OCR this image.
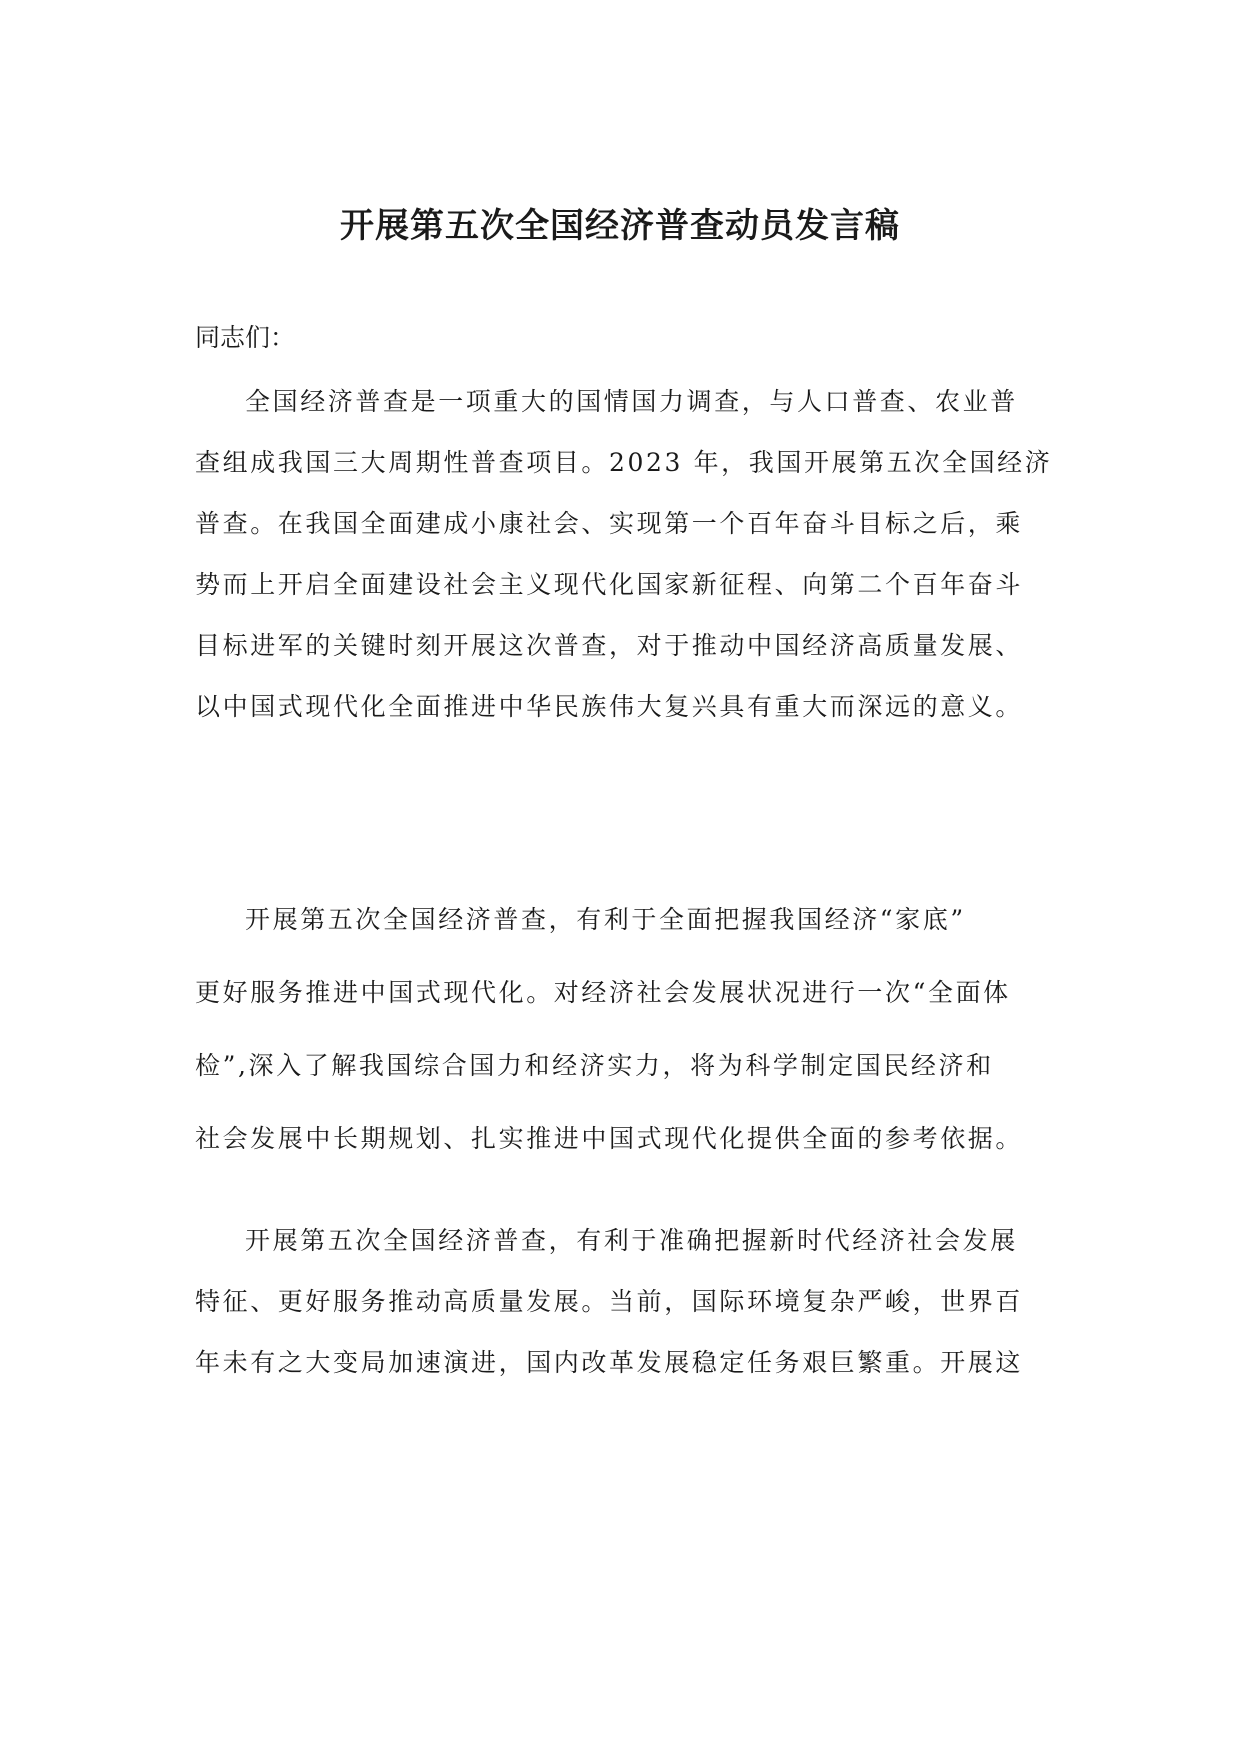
开展第五次全国经济普查动员发言稿

同志们：

全国经济普查是一项重大的国情国力调查，与人口普查、农业普
查组成我国三大周期性普查项目。2023 年，我国开展第五次全国经济
普查。在我国全面建成小康社会、实现第一个百年奋斗目标之后，乘
势而上开启全面建设社会主义现代化国家新征程、向第二个百年奋斗
目标进军的关键时刻开展这次普查，对于推动中国经济高质量发展、
以中国式现代化全面推进中华民族伟大复兴具有重大而深远的意义。
开展第五次全国经济普查，有利于全面把握我国经济“家底”
更好服务推进中国式现代化。对经济社会发展状况进行一次“全面体
检”,深入了解我国综合国力和经济实力，将为科学制定国民经济和
社会发展中长期规划、扎实推进中国式现代化提供全面的参考依据。
开展第五次全国经济普查，有利于准确把握新时代经济社会发展
特征、更好服务推动高质量发展。当前，国际环境复杂严峻，世界百
年未有之大变局加速演进，国内改革发展稳定任务艰巨繁重。开展这
